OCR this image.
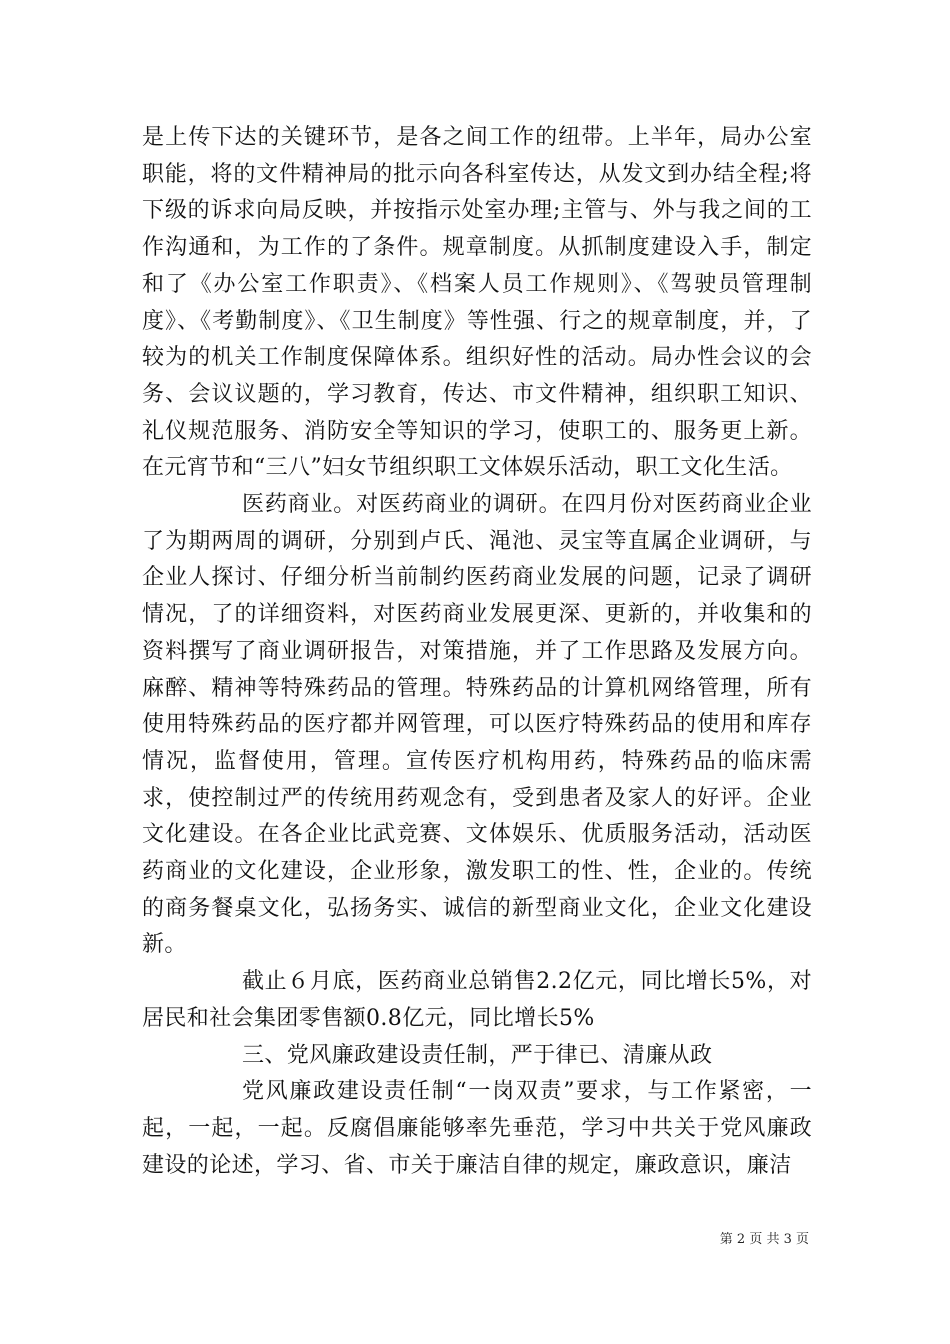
是上传下达的关键环节，是各之间工作的纽带。上半年，局办公室职能，将的文件精神局的批示向各科室传达，从发文到办结全程;将下级的诉求向局反映，并按指示处室办理;主管与、外与我之间的工作沟通和，为工作的了条件。规章制度。从抓制度建设入手，制定和了《办公室工作职责》、《档案人员工作规则》、《驾驶员管理制度》、《考勤制度》、《卫生制度》等性强、行之的规章制度，并，了较为的机关工作制度保障体系。组织好性的活动。局办性会议的会务、会议议题的，学习教育，传达、市文件精神，组织职工知识、礼仪规范服务、消防安全等知识的学习，使职工的、服务更上新。在元宵节和“三八”妇女节组织职工文体娱乐活动，职工文化生活。

医药商业。对医药商业的调研。在四月份对医药商业企业了为期两周的调研，分别到卢氏、渑池、灵宝等直属企业调研，与企业人探讨、仔细分析当前制约医药商业发展的问题，记录了调研情况，了的详细资料，对医药商业发展更深、更新的，并收集和的资料撰写了商业调研报告，对策措施，并了工作思路及发展方向。麻醉、精神等特殊药品的管理。特殊药品的计算机网络管理，所有使用特殊药品的医疗都并网管理，可以医疗特殊药品的使用和库存情况，监督使用，管理。宣传医疗机构用药，特殊药品的临床需求，使控制过严的传统用药观念有，受到患者及家人的好评。企业文化建设。在各企业比武竞赛、文体娱乐、优质服务活动，活动医药商业的文化建设，企业形象，激发职工的性、性，企业的。传统的商务餐桌文化，弘扬务实、诚信的新型商业文化，企业文化建设新。

截止６月底，医药商业总销售2.2亿元，同比增长5%，对居民和社会集团零售额0.8亿元，同比增长5%

三、党风廉政建设责任制，严于律已、清廉从政

党风廉政建设责任制“一岗双责”要求，与工作紧密，一起，一起，一起。反腐倡廉能够率先垂范，学习中共关于党风廉政建设的论述，学习、省、市关于廉洁自律的规定，廉政意识，廉洁

第 2 页 共 3 页
